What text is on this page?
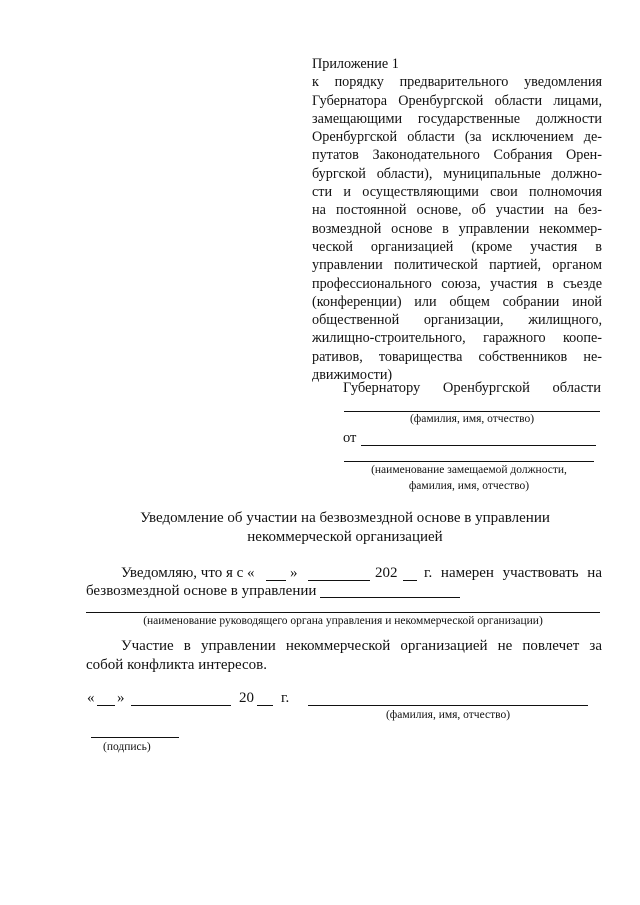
Приложение 1
к порядку предварительного уведомления
Губернатора Оренбургской области лицами,
замещающими государственные должности
Оренбургской области (за исключением де-
путатов Законодательного Собрания Орен-
бургской области), муниципальные должно-
сти и осуществляющими свои полномочия
на постоянной основе, об участии на без-
возмездной основе в управлении некоммер-
ческой организацией (кроме участия в
управлении политической партией, органом
профессионального союза, участия в съезде
(конференции) или общем собрании иной
общественной организации, жилищного,
жилищно-строительного, гаражного коопе-
ративов, товарищества собственников не-
движимости)
Губернатору Оренбургской области
(фамилия, имя, отчество)
от
(наименование замещаемой должности,
фамилия, имя, отчество)
Уведомление об участии на безвозмездной основе в управлении
некоммерческой организацией
Уведомляю, что я с « »	202 г. намерен участвовать на
безвозмездной основе в управлении
(наименование руководящего органа управления и некоммерческой организации)
Участие в управлении некоммерческой организацией не повлечет за
собой конфликта интересов.
« »	20 г.
(фамилия, имя, отчество)
(подпись)
